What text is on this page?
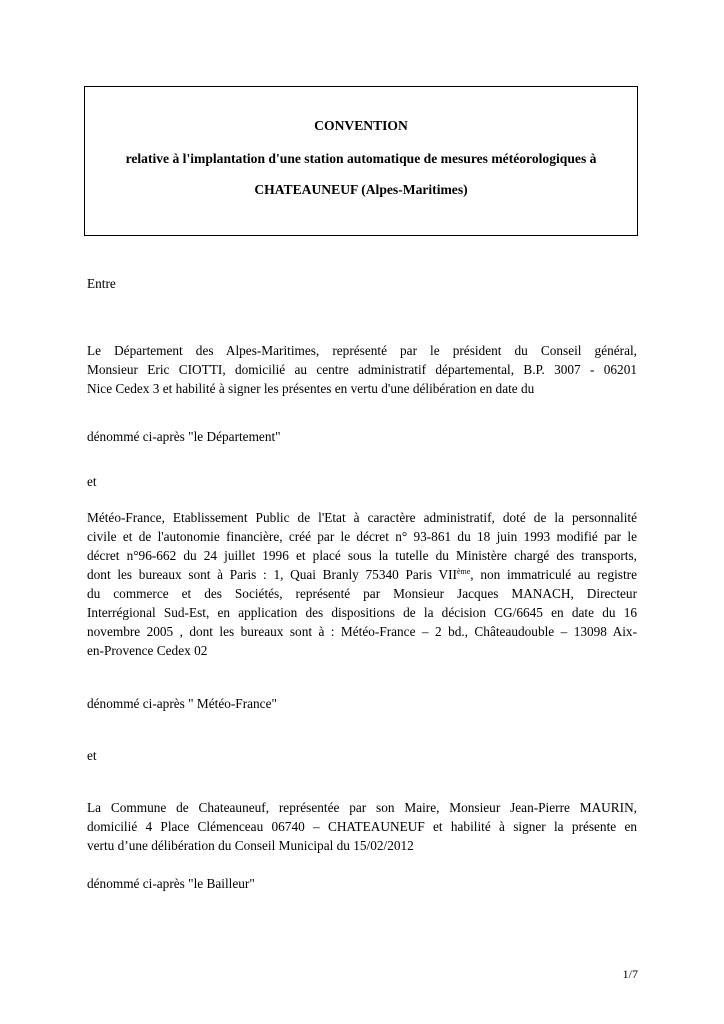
CONVENTION
relative à l'implantation d'une station automatique de mesures météorologiques à
CHATEAUNEUF (Alpes-Maritimes)

Entre

Le Département des Alpes-Maritimes, représenté par le président du Conseil général,
Monsieur Eric CIOTTI, domicilié au centre administratif départemental, B.P. 3007 - 06201
Nice Cedex 3 et habilité à signer les présentes en vertu d'une délibération en date du

dénommé ci-après "le Département"

et

Météo-France, Etablissement Public de l'Etat à caractère administratif, doté de la personnalité
civile et de l'autonomie financière, créé par le décret n° 93-861 du 18 juin 1993 modifié par le
décret n°96-662 du 24 juillet 1996 et placé sous la tutelle du Ministère chargé des transports,
dont les bureaux sont à Paris : 1, Quai Branly 75340 Paris VIIème, non immatriculé au registre
du commerce et des Sociétés, représenté par Monsieur Jacques MANACH, Directeur
Interrégional Sud-Est, en application des dispositions de la décision CG/6645 en date du 16
novembre 2005 , dont les bureaux sont à : Météo-France – 2 bd., Châteaudouble – 13098 Aix-
en-Provence Cedex 02

dénommé ci-après " Météo-France"

et

La Commune de Chateauneuf, représentée par son Maire, Monsieur Jean-Pierre MAURIN,
domicilié 4 Place Clémenceau 06740 – CHATEAUNEUF et habilité à signer la présente en
vertu d’une délibération du Conseil Municipal du 15/02/2012

dénommé ci-après "le Bailleur"

1/7
